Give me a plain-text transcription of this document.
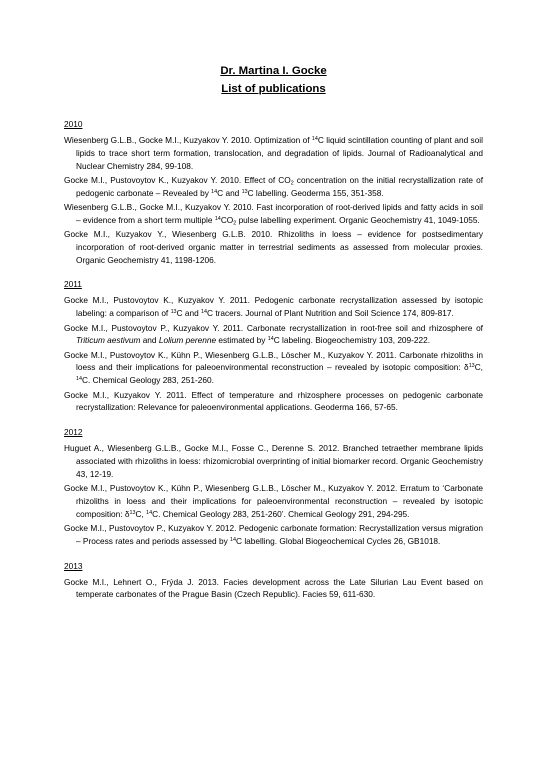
Dr. Martina I. Gocke
List of publications
2010
Wiesenberg G.L.B., Gocke M.I., Kuzyakov Y. 2010. Optimization of $^{14}$C liquid scintillation counting of plant and soil lipids to trace short term formation, translocation, and degradation of lipids. Journal of Radioanalytical and Nuclear Chemistry 284, 99-108.
Gocke M.I., Pustovoytov K., Kuzyakov Y. 2010. Effect of $CO_2$ concentration on the initial recrystallization rate of pedogenic carbonate – Revealed by $^{14}$C and $^{13}$C labelling. Geoderma 155, 351-358.
Wiesenberg G.L.B., Gocke M.I., Kuzyakov Y. 2010. Fast incorporation of root-derived lipids and fatty acids in soil – evidence from a short term multiple $^{14}CO_2$ pulse labelling experiment. Organic Geochemistry 41, 1049-1055.
Gocke M.I., Kuzyakov Y., Wiesenberg G.L.B. 2010. Rhizoliths in loess – evidence for postsedimentary incorporation of root-derived organic matter in terrestrial sediments as assessed from molecular proxies. Organic Geochemistry 41, 1198-1206.
2011
Gocke M.I., Pustovoytov K., Kuzyakov Y. 2011. Pedogenic carbonate recrystallization assessed by isotopic labeling: a comparison of $^{13}$C and $^{14}$C tracers. Journal of Plant Nutrition and Soil Science 174, 809-817.
Gocke M.I., Pustovoytov P., Kuzyakov Y. 2011. Carbonate recrystallization in root-free soil and rhizosphere of Triticum aestivum and Lolium perenne estimated by $^{14}$C labeling. Biogeochemistry 103, 209-222.
Gocke M.I., Pustovoytov K., Kühn P., Wiesenberg G.L.B., Löscher M., Kuzyakov Y. 2011. Carbonate rhizoliths in loess and their implications for paleoenvironmental reconstruction – revealed by isotopic composition: $\delta^{13}C$, $^{14}$C. Chemical Geology 283, 251-260.
Gocke M.I., Kuzyakov Y. 2011. Effect of temperature and rhizosphere processes on pedogenic carbonate recrystallization: Relevance for paleoenvironmental applications. Geoderma 166, 57-65.
2012
Huguet A., Wiesenberg G.L.B., Gocke M.I., Fosse C., Derenne S. 2012. Branched tetraether membrane lipids associated with rhizoliths in loess: rhizomicrobial overprinting of initial biomarker record. Organic Geochemistry 43, 12-19.
Gocke M.I., Pustovoytov K., Kühn P., Wiesenberg G.L.B., Löscher M., Kuzyakov Y. 2012. Erratum to ‘Carbonate rhizoliths in loess and their implications for paleoenvironmental reconstruction – revealed by isotopic composition: $\delta^{13}C$, $^{14}$C. Chemical Geology 283, 251-260’. Chemical Geology 291, 294-295.
Gocke M.I., Pustovoytov P., Kuzyakov Y. 2012. Pedogenic carbonate formation: Recrystallization versus migration – Process rates and periods assessed by $^{14}$C labelling. Global Biogeochemical Cycles 26, GB1018.
2013
Gocke M.I., Lehnert O., Frýda J. 2013. Facies development across the Late Silurian Lau Event based on temperate carbonates of the Prague Basin (Czech Republic). Facies 59, 611-630.
